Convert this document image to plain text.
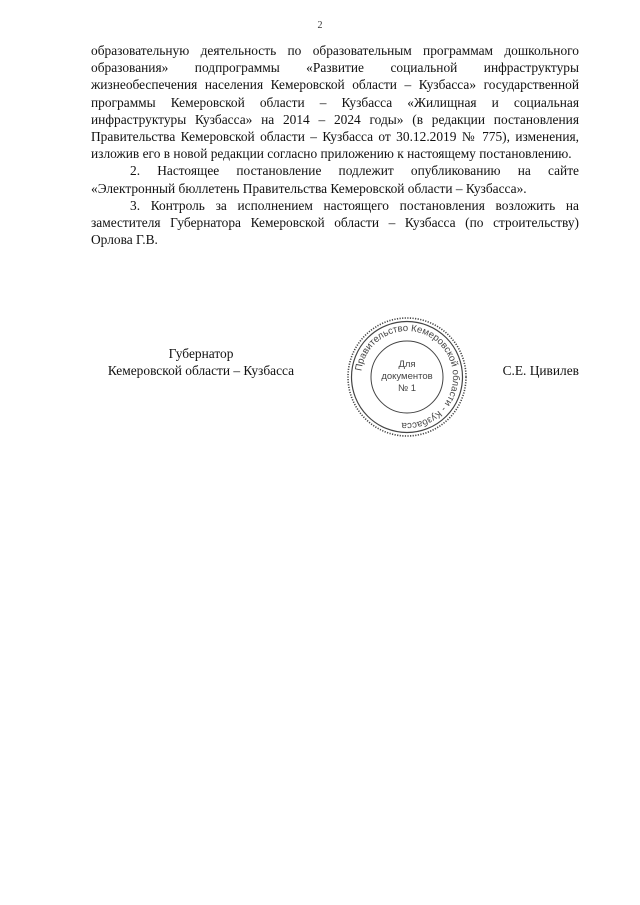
2

образовательную деятельность по образовательным программам дошкольного образования» подпрограммы «Развитие социальной инфраструктуры жизнеобеспечения населения Кемеровской области – Кузбасса» государственной программы Кемеровской области – Кузбасса «Жилищная и социальная инфраструктуры Кузбасса» на 2014 – 2024 годы» (в редакции постановления Правительства Кемеровской области – Кузбасса от 30.12.2019 № 775), изменения, изложив его в новой редакции согласно приложению к настоящему постановлению.

2. Настоящее постановление подлежит опубликованию на сайте «Электронный бюллетень Правительства Кемеровской области – Кузбасса».

3. Контроль за исполнением настоящего постановления возложить на заместителя Губернатора Кемеровской области – Кузбасса (по строительству) Орлова Г.В.

Губернатор
Кемеровской области – Кузбасса	С.Е. Цивилев
Правительство Кемеровской области - Кузбасса
Для
документов
№ 1
